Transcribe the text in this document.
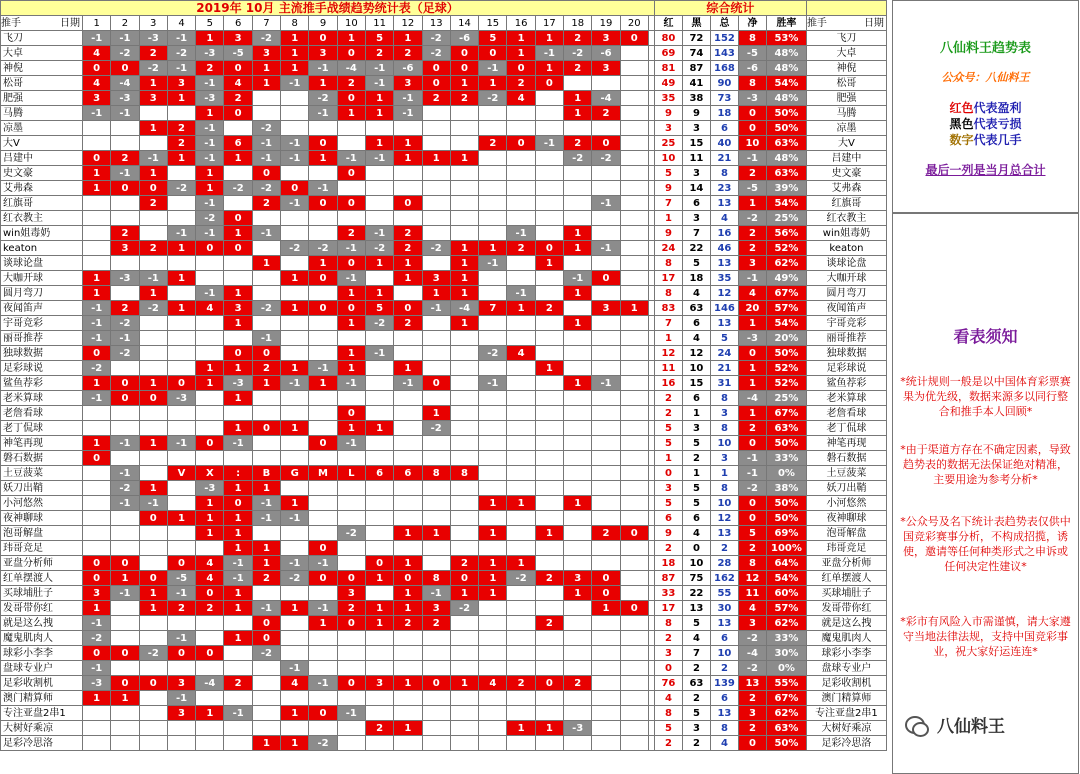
2019年 10月 主流推手战绩趋势统计表（足球）																						综合统计					
推手 日期	1	2	3	4	5	6	7	8	9	10	11	12	13	14	15	16	17	18	19	20		红	黑	总	净	胜率	推手 日期

飞刀	-1	-1	-3	-1	1	3	-2	1	0	1	5	1	-2	-6	5	1	1	2	3	0		80	72	152	8	53%	飞刀
大卓	4	-2	2	-2	-3	-5	3	1	3	0	2	2	-2	0	0	1	-1	-2	-6			69	74	143	-5	48%	大卓
神倪	0	0	-2	-1	2	0	1	1	-1	-4	-1	-6	0	0	-1	0	1	2	3			81	87	168	-6	48%	神倪
松哥	4	-4	1	3	-1	4	1	-1	1	2	-1	3	0	1	1	2	0					49	41	90	8	54%	松哥
肥强	3	-3	3	1	-3	2			-2	0	1	-1	2	2	-2	4		1	-4			35	38	73	-3	48%	肥强
马腾	-1	-1			1	0			-1	1	1	-1						1	2			9	9	18	0	50%	马腾
凉墨			1	2	-1		-2															3	3	6	0	50%	凉墨
大V				2	-1	6	-1	-1	0		1	1			2	0	-1	2	0			25	15	40	10	63%	大V
吕建中	0	2	-1	1	-1	1	-1	-1	1	-1	-1	1	1	1				-2	-2			10	11	21	-1	48%	吕建中
史文豪	1	-1	1		1		0			0												5	3	8	2	63%	史文豪
艾弗森	1	0	0	-2	1	-2	-2	0	-1													9	14	23	-5	39%	艾弗森
红旗哥			2		-1		2	-1	0	0		0							-1			7	6	13	1	54%	红旗哥
红衣教主					-2	0																1	3	4	-2	25%	红衣教主
win姐毒奶		2		-1	-1	1	-1			2	-1	2				-1		1				9	7	16	2	56%	win姐毒奶
keaton		3	2	1	0	0		-2	-2	-1	-2	2	-2	1	1	2	0	1	-1			24	22	46	2	52%	keaton
谈球论盘							1		1	0	1	1		1	-1		1					8	5	13	3	62%	谈球论盘
大咖开球	1	-3	-1	1				1	0	-1		1	3	1				-1	0			17	18	35	-1	49%	大咖开球
圆月弯刀	1		1		-1	1				1	1		1	1		-1		1				8	4	12	4	67%	圆月弯刀
夜闻笛声	-1	2	-2	1	4	3	-2	1	0	0	5	0	-1	-4	7	1	2		3	1		83	63	146	20	57%	夜闻笛声
宇哥竞彩	-1	-2				1				1	-2	2		1				1				7	6	13	1	54%	宇哥竞彩
丽哥推荐	-1	-1					-1															1	4	5	-3	20%	丽哥推荐
独球数据	0	-2				0	0			1	-1				-2	4						12	12	24	0	50%	独球数据
足彩球说	-2				1	1	2	1	-1	1		1					1					11	10	21	1	52%	足彩球说
鲨鱼荐彩	1	0	1	0	1	-3	1	-1	1	-1		-1	0		-1			1	-1			16	15	31	1	52%	鲨鱼荐彩
老米算球	-1	0	0	-3		1																2	6	8	-4	25%	老米算球
老詹看球										0			1									2	1	3	1	67%	老詹看球
老丁侃球						1	0	1		1	1		-2									5	3	8	2	63%	老丁侃球
神笔再现	1	-1	1	-1	0	-1			0	-1												5	5	10	0	50%	神笔再现
磐石数据	0																					1	2	3	-1	33%	磐石数据
土豆菠菜		-1		V	X	:	B	G	M	L	6	6	8	8								0	1	1	-1	0%	土豆菠菜
妖刀出鞘		-2	1		-3	1	1															3	5	8	-2	38%	妖刀出鞘
小河悠然		-1	-1		1	0	-1	1							1	1		1				5	5	10	0	50%	小河悠然
夜神聊球			0	1	1	1	-1	-1														6	6	12	0	50%	夜神聊球
泡哥解盘					1	1				-2		1	1		1		1		2	0		9	4	13	5	69%	泡哥解盘
玮哥竞足						1	1		0													2	0	2	2	100%	玮哥竞足
亚盘分析师	0	0		0	4	-1	1	-1	-1		0	1		2	1	1						18	10	28	8	64%	亚盘分析师
红单摆渡人	0	1	0	-5	4	-1	2	-2	0	0	1	0	8	0	1	-2	2	3	0			87	75	162	12	54%	红单摆渡人
买球埔肚子	3	-1	1	-1	0	1				3		1	-1	1	1			1	0			33	22	55	11	60%	买球埔肚子
发哥带你红	1		1	2	2	1	-1	1	-1	2	1	1	3	-2					1	0		17	13	30	4	57%	发哥带你红
就是这么拽	-1						0		1	0	1	2	2				2					8	5	13	3	62%	就是这么拽
魔鬼肌肉人	-2			-1		1	0															2	4	6	-2	33%	魔鬼肌肉人
球彩小李李	0	0	-2	0	0		-2															3	7	10	-4	30%	球彩小李李
盘球专业户	-1							-1														0	2	2	-2	0%	盘球专业户
足彩收割机	-3	0	0	3	-4	2		4	-1	0	3	1	0	1	4	2	0	2				76	63	139	13	55%	足彩收割机
澳门精算师	1	1		-1																		4	2	6	2	67%	澳门精算师
专注亚盘2串1				3	1	-1		1	0	-1												8	5	13	3	62%	专注亚盘2串1
大树好乘凉											2	1				1	1	-3				5	3	8	2	63%	大树好乘凉
足彩冷思洛							1	1	-2													2	2	4	0	50%	足彩冷思洛
八仙料王趋势表
公众号：八仙料王
红色代表盈利
黑色代表亏损
数字代表几手
最后一列是当月总合计
看表须知
*统计规则一般是以中国体育彩票赛果为优先级，数据来源多以同行整合和推手本人回顾*
*由于渠道方存在不确定因素，导致趋势表的数据无法保证绝对精准，主要用途为参考分析*
*公众号及名下统计表趋势表仅供中国竞彩赛事分析，不构成招揽，诱使，邀请等任何种类形式之申诉或任何决定性建议*
*彩市有风险入市需谨慎，请大家遵守当地法律法规，支持中国竞彩事业，祝大家好运连连*
八仙料王
